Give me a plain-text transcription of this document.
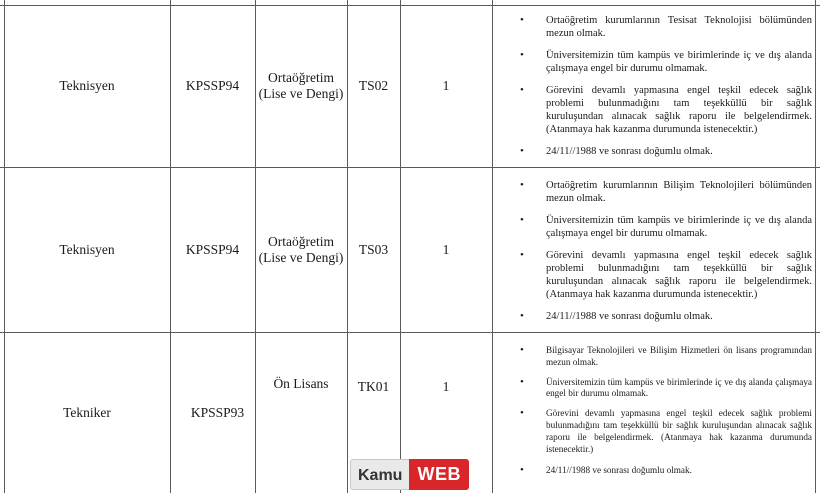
Teknisyen	KPSSP94
Ortaöğretim
(Lise ve Dengi)
TS02	1
• Ortaöğretim kurumlarının Tesisat Teknolojisi bölümünden mezun olmak.
• Üniversitemizin tüm kampüs ve birimlerinde iç ve dış alanda çalışmaya engel bir durumu olmamak.
• Görevini devamlı yapmasına engel teşkil edecek sağlık problemi bulunmadığını tam teşekküllü bir sağlık kuruluşundan alınacak sağlık raporu ile belgelendirmek. (Atanmaya hak kazanma durumunda istenecektir.)
• 24/11//1988 ve sonrası doğumlu olmak.
Teknisyen	KPSSP94
Ortaöğretim
(Lise ve Dengi)
TS03	1
• Ortaöğretim kurumlarının Bilişim Teknolojileri bölümünden mezun olmak.
• Üniversitemizin tüm kampüs ve birimlerinde iç ve dış alanda çalışmaya engel bir durumu olmamak.
• Görevini devamlı yapmasına engel teşkil edecek sağlık problemi bulunmadığını tam teşekküllü bir sağlık kuruluşundan alınacak sağlık raporu ile belgelendirmek. (Atanmaya hak kazanma durumunda istenecektir.)
• 24/11//1988 ve sonrası doğumlu olmak.
Tekniker	KPSSP93
Ön Lisans	TK01	1
• Bilgisayar Teknolojileri ve Bilişim Hizmetleri ön lisans programından mezun olmak.
• Üniversitemizin tüm kampüs ve birimlerinde iç ve dış alanda çalışmaya engel bir durumu olmamak.
• Görevini devamlı yapmasına engel teşkil edecek sağlık problemi bulunmadığını tam teşekküllü bir sağlık kuruluşundan alınacak sağlık raporu ile belgelendirmek. (Atanmaya hak kazanma durumunda istenecektir.)
• 24/11//1988 ve sonrası doğumlu olmak.
Kamu WEB
